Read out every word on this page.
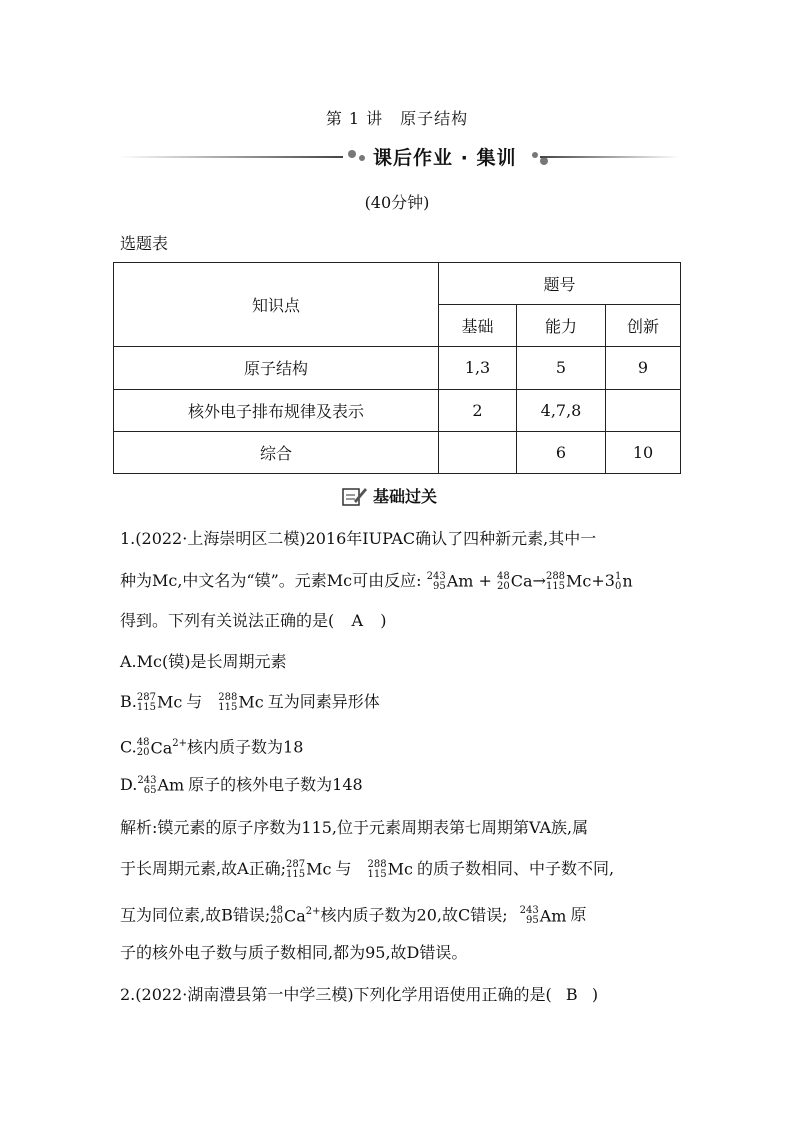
第 1 讲　原子结构
课后作业 · 集训
(40分钟)
选题表
知识点	题号		
	基础	能力	创新
原子结构	1,3	5	9
核外电子排布规律及表示	2	4,7,8	
综合		6	10
基础过关
1.(2022·上海崇明区二模)2016年IUPAC确认了四种新元素,其中一
种为Mc,中文名为“镆”。元素Mc可由反应: 243
95 Am + 48
20 Ca→ 288
115 Mc+3 1
0 n
得到。下列有关说法正确的是( A )
A.Mc(镆)是长周期元素
B. 287
115 Mc 与 288
115 Mc 互为同素异形体
C. 48
20 $Ca^{2+}$核内质子数为18
D. 243
65 Am 原子的核外电子数为148
解析:镆元素的原子序数为115,位于元素周期表第七周期第VA族,属
于长周期元素,故A正确; 287
115 Mc 与 288
115 Mc 的质子数相同、中子数不同,
互为同位素,故B错误; 48
20 $Ca^{2+}$核内质子数为20,故C错误; 243
95 Am 原
子的核外电子数与质子数相同,都为95,故D错误。
2.(2022·湖南澧县第一中学三模)下列化学用语使用正确的是( B )
